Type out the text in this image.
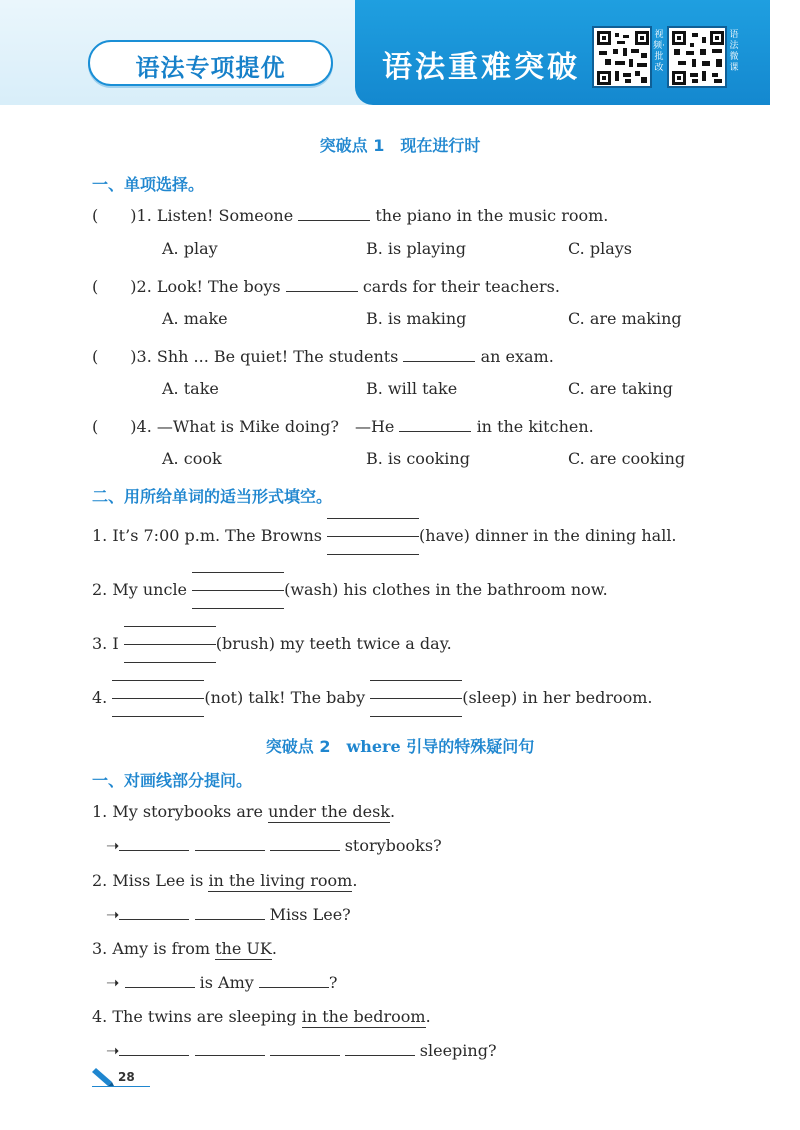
语法专项提优	语法重难突破
视频·批改
语法微课
突破点 1　现在进行时
一、单项选择。
(　　)1. Listen! Someone	the piano in the music room.
A. play	B. is playing	C. plays
(　　)2. Look! The boys	cards for their teachers.
A. make	B. is making	C. are making
(　　)3. Shh ... Be quiet! The students	an exam.
A. take	B. will take	C. are taking
(　　)4. —What is Mike doing?　—He	in the kitchen.
A. cook	B. is cooking	C. are cooking
二、用所给单词的适当形式填空。
1. It’s 7:00 p.m. The Browns	(have) dinner in the dining hall.
2. My uncle	(wash) his clothes in the bathroom now.
3. I	(brush) my teeth twice a day.
4.	(not) talk! The baby	(sleep) in her bedroom.
突破点 2　where 引导的特殊疑问句
一、对画线部分提问。
1. My storybooks are under the desk.
➝	storybooks?
2. Miss Lee is in the living room.
➝	Miss Lee?
3. Amy is from the UK.
➝	is Amy	?
4. The twins are sleeping in the bedroom.
➝	sleeping?
28
